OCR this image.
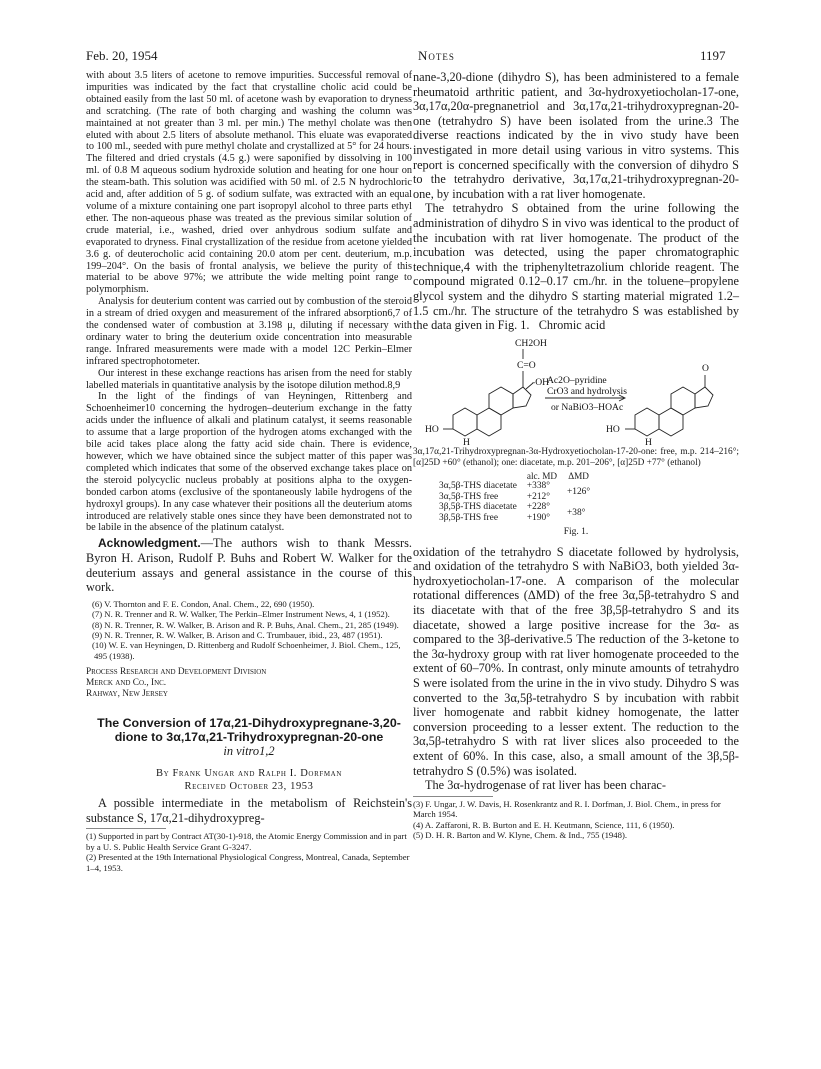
Feb. 20, 1954	Notes	1197

with about 3.5 liters of acetone to remove impurities. Successful removal of impurities was indicated by the fact that crystalline cholic acid could be obtained easily from the last 50 ml. of acetone wash by evaporation to dryness and scratching. (The rate of both charging and washing the column was maintained at not greater than 3 ml. per min.) The methyl cholate was then eluted with about 2.5 liters of absolute methanol. This eluate was evaporated to 100 ml., seeded with pure methyl cholate and crystallized at 5° for 24 hours. The filtered and dried crystals (4.5 g.) were saponified by dissolving in 100 ml. of 0.8 M aqueous sodium hydroxide solution and heating for one hour on the steam-bath. This solution was acidified with 50 ml. of 2.5 N hydrochloric acid and, after addition of 5 g. of sodium sulfate, was extracted with an equal volume of a mixture containing one part isopropyl alcohol to three parts ethyl ether. The non-aqueous phase was treated as the previous similar solution of crude material, i.e., washed, dried over anhydrous sodium sulfate and evaporated to dryness. Final crystallization of the residue from acetone yielded 3.6 g. of deuterocholic acid containing 20.0 atom per cent. deuterium, m.p. 199–204°. On the basis of frontal analysis, we believe the purity of this material to be above 97%; we attribute the wide melting point range to polymorphism.

Analysis for deuterium content was carried out by combustion of the steroid in a stream of dried oxygen and measurement of the infrared absorption6,7 of the condensed water of combustion at 3.198 μ, diluting if necessary with ordinary water to bring the deuterium oxide concentration into measurable range. Infrared measurements were made with a model 12C Perkin–Elmer infrared spectrophotometer.

Our interest in these exchange reactions has arisen from the need for stably labelled materials in quantitative analysis by the isotope dilution method.8,9

In the light of the findings of van Heyningen, Rittenberg and Schoenheimer10 concerning the hydrogen–deuterium exchange in the fatty acids under the influence of alkali and platinum catalyst, it seems reasonable to assume that a large proportion of the hydrogen atoms exchanged with the bile acid takes place along the fatty acid side chain. There is evidence, however, which we have obtained since the subject matter of this paper was completed which indicates that some of the observed exchange takes place on the steroid polycyclic nucleus probably at positions alpha to the oxygen-bonded carbon atoms (exclusive of the spontaneously labile hydrogens of the hydroxyl groups). In any case whatever their positions all the deuterium atoms introduced are relatively stable ones since they have been demonstrated not to be labile in the absence of the platinum catalyst.

Acknowledgment.—The authors wish to thank Messrs. Byron H. Arison, Rudolf P. Buhs and Robert W. Walker for the deuterium assays and general assistance in the course of this work.

(6) V. Thornton and F. E. Condon, Anal. Chem., 22, 690 (1950).

(7) N. R. Trenner and R. W. Walker, The Perkin–Elmer Instrument News, 4, 1 (1952).

(8) N. R. Trenner, R. W. Walker, B. Arison and R. P. Buhs, Anal. Chem., 21, 285 (1949).

(9) N. R. Trenner, R. W. Walker, B. Arison and C. Trumbauer, ibid., 23, 487 (1951).

(10) W. E. van Heyningen, D. Rittenberg and Rudolf Schoenheimer, J. Biol. Chem., 125, 495 (1938).

Process Research and Development Division
Merck and Co., Inc.
Rahway, New Jersey
The Conversion of 17α,21-Dihydroxypregnane-3,20-dione to 3α,17α,21-Trihydroxypregnan-20-one
in vitro1,2
By Frank Ungar and Ralph I. Dorfman
Received October 23, 1953

A possible intermediate in the metabolism of Reichstein's substance S, 17α,21-dihydroxypreg-

(1) Supported in part by Contract AT(30-1)-918, the Atomic Energy Commission and in part by a U. S. Public Health Service Grant G-3247.

(2) Presented at the 19th International Physiological Congress, Montreal, Canada, September 1–4, 1953.

nane-3,20-dione (dihydro S), has been administered to a female rheumatoid arthritic patient, and 3α-hydroxyetiocholan-17-one, 3α,17α,20α-pregnanetriol and 3α,17α,21-trihydroxypregnan-20-one (tetrahydro S) have been isolated from the urine.3 The diverse reactions indicated by the in vivo study have been investigated in more detail using various in vitro systems. This report is concerned specifically with the conversion of dihydro S to the tetrahydro derivative, 3α,17α,21-trihydroxypregnan-20-one, by incubation with a rat liver homogenate.

The tetrahydro S obtained from the urine following the administration of dihydro S in vivo was identical to the product of the incubation with rat liver homogenate. The product of the incubation was detected, using the paper chromatographic technique,4 with the triphenyltetrazolium chloride reagent. The compound migrated 0.12–0.17 cm./hr. in the toluene–propylene glycol system and the dihydro S starting material migrated 1.2–1.5 cm./hr. The structure of the tetrahydro S was established by the data given in Fig. 1. Chromic acid

CH2OH
C=O
-OH
HO
H
Ac2O–pyridine
CrO3 and hydrolysis
or NaBiO3–HOAc
O
HO
H

3α,17α,21-Trihydroxypregnan-3α-Hydroxyetiocholan-17-20-one: free, m.p. 214–216°; [α]25D +60° (ethanol); one: diacetate, m.p. 201–206°, [α]25D +77° (ethanol)

	alc. MD	ΔMD
3α,5β-THS diacetate	+338°	+126°
3α,5β-THS free	+212°	
3β,5β-THS diacetate	+228°	+38°
3β,5β-THS free	+190°	
Fig. 1.

oxidation of the tetrahydro S diacetate followed by hydrolysis, and oxidation of the tetrahydro S with NaBiO3, both yielded 3α-hydroxyetiocholan-17-one. A comparison of the molecular rotational differences (ΔMD) of the free 3α,5β-tetrahydro S and its diacetate with that of the free 3β,5β-tetrahydro S and its diacetate, showed a large positive increase for the 3α- as compared to the 3β-derivative.5 The reduction of the 3-ketone to the 3α-hydroxy group with rat liver homogenate proceeded to the extent of 60–70%. In contrast, only minute amounts of tetrahydro S were isolated from the urine in the in vivo study. Dihydro S was converted to the 3α,5β-tetrahydro S by incubation with rabbit liver homogenate and rabbit kidney homogenate, the latter conversion proceeding to a lesser extent. The reduction to the 3α,5β-tetrahydro S with rat liver slices also proceeded to the extent of 60%. In this case, also, a small amount of the 3β,5β-tetrahydro S (0.5%) was isolated.

The 3α-hydrogenase of rat liver has been charac-

(3) F. Ungar, J. W. Davis, H. Rosenkrantz and R. I. Dorfman, J. Biol. Chem., in press for March 1954.

(4) A. Zaffaroni, R. B. Burton and E. H. Keutmann, Science, 111, 6 (1950).

(5) D. H. R. Barton and W. Klyne, Chem. & Ind., 755 (1948).
